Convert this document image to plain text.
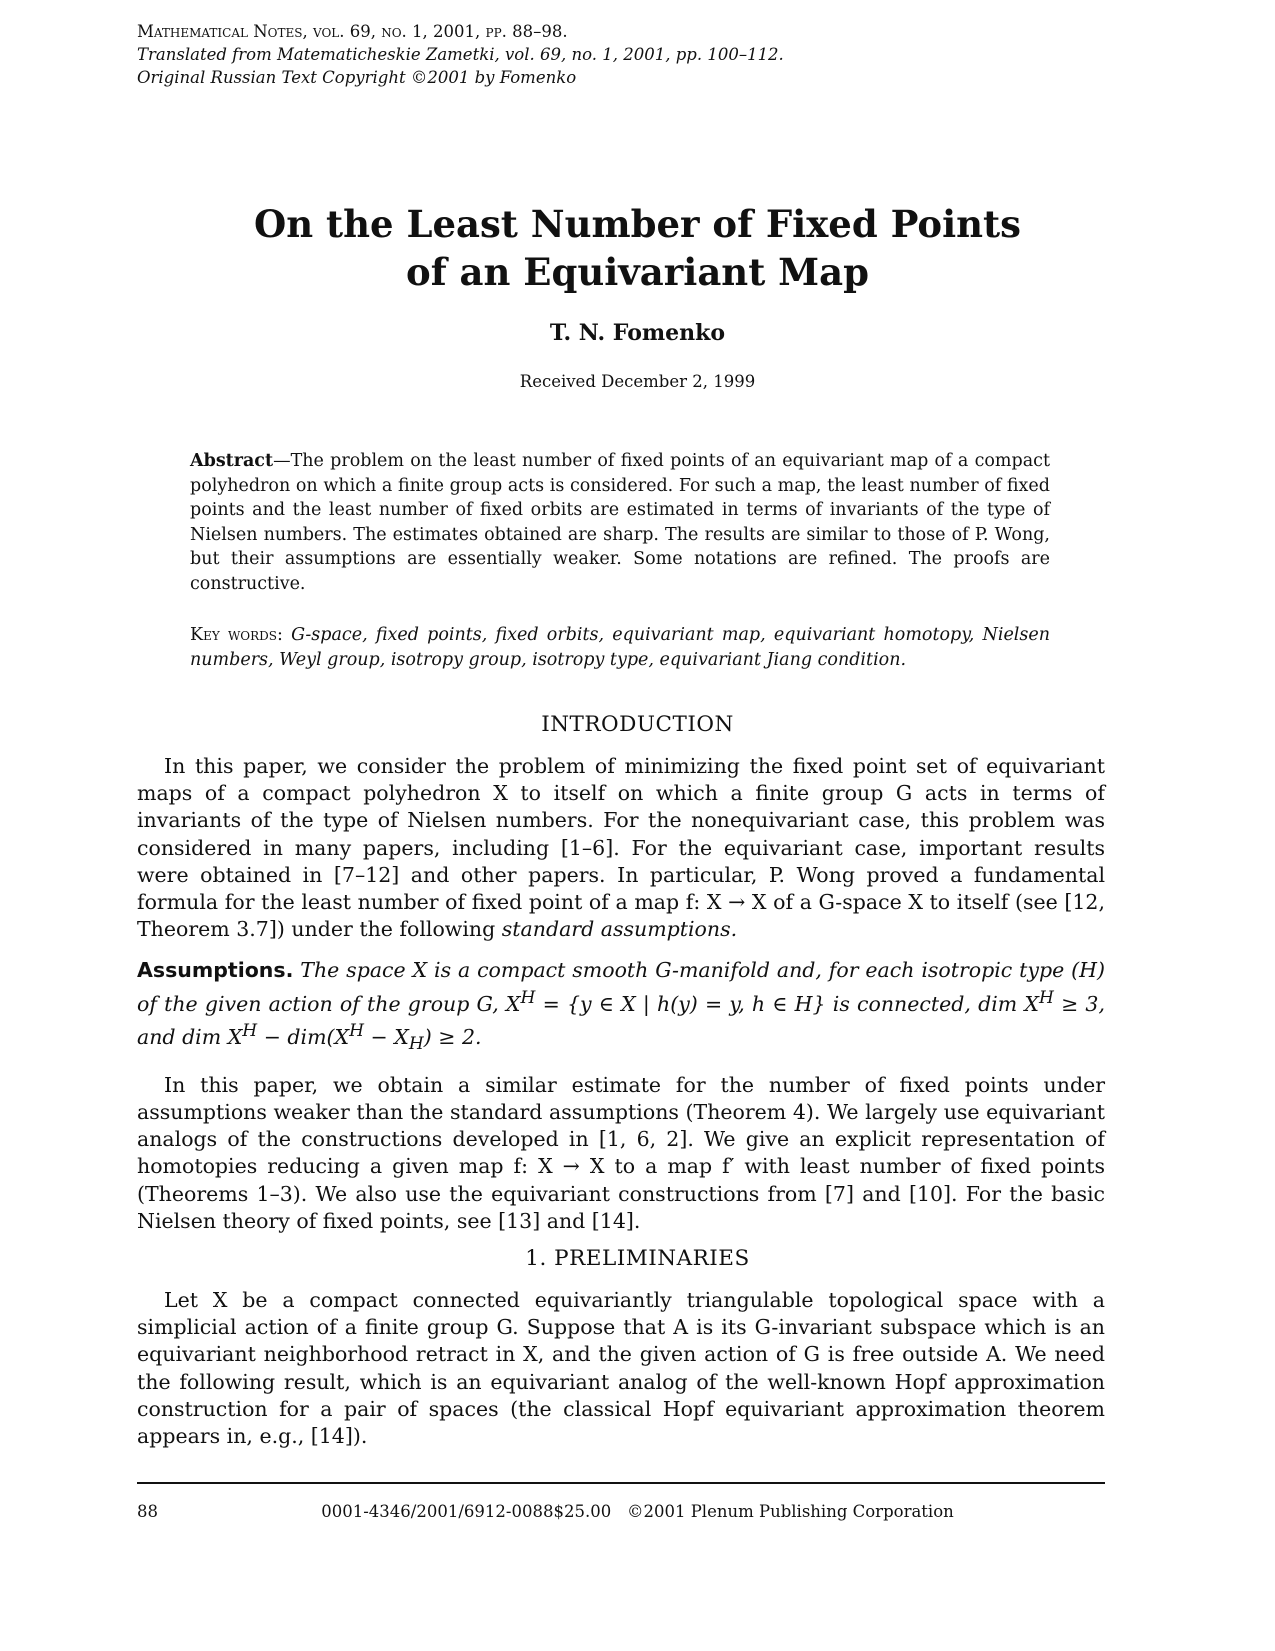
Mathematical Notes, vol. 69, no. 1, 2001, pp. 88–98.
Translated from Matematicheskie Zametki, vol. 69, no. 1, 2001, pp. 100–112.
Original Russian Text Copyright ©2001 by Fomenko
On the Least Number of Fixed Points
of an Equivariant Map
T. N. Fomenko
Received December 2, 1999
Abstract—The problem on the least number of fixed points of an equivariant map of a compact polyhedron on which a finite group acts is considered. For such a map, the least number of fixed points and the least number of fixed orbits are estimated in terms of invariants of the type of Nielsen numbers. The estimates obtained are sharp. The results are similar to those of P. Wong, but their assumptions are essentially weaker. Some notations are refined. The proofs are constructive.
Key words: G-space, fixed points, fixed orbits, equivariant map, equivariant homotopy, Nielsen numbers, Weyl group, isotropy group, isotropy type, equivariant Jiang condition.
INTRODUCTION

In this paper, we consider the problem of minimizing the fixed point set of equivariant maps of a compact polyhedron X to itself on which a finite group G acts in terms of invariants of the type of Nielsen numbers. For the nonequivariant case, this problem was considered in many papers, including [1–6]. For the equivariant case, important results were obtained in [7–12] and other papers. In particular, P. Wong proved a fundamental formula for the least number of fixed point of a map f: X → X of a G-space X to itself (see [12, Theorem 3.7]) under the following standard assumptions.

Assumptions. The space X is a compact smooth G-manifold and, for each isotropic type (H) of the given action of the group G, $X^H = \{y$ ∈ X | h(y) = y, h ∈ H} is connected, dim $X^H \ge 3$, and dim $X^H - dim(X^H - X_H) \ge 2$.

In this paper, we obtain a similar estimate for the number of fixed points under assumptions weaker than the standard assumptions (Theorem 4). We largely use equivariant analogs of the constructions developed in [1, 6, 2]. We give an explicit representation of homotopies reducing a given map f: X → X to a map f′ with least number of fixed points (Theorems 1–3). We also use the equivariant constructions from [7] and [10]. For the basic Nielsen theory of fixed points, see [13] and [14].

1. PRELIMINARIES

Let X be a compact connected equivariantly triangulable topological space with a simplicial action of a finite group G. Suppose that A is its G-invariant subspace which is an equivariant neighborhood retract in X, and the given action of G is free outside A. We need the following result, which is an equivariant analog of the well-known Hopf approximation construction for a pair of spaces (the classical Hopf equivariant approximation theorem appears in, e.g., [14]).

88	0001-4346/2001/6912-0088$25.00 ©2001 Plenum Publishing Corporation
